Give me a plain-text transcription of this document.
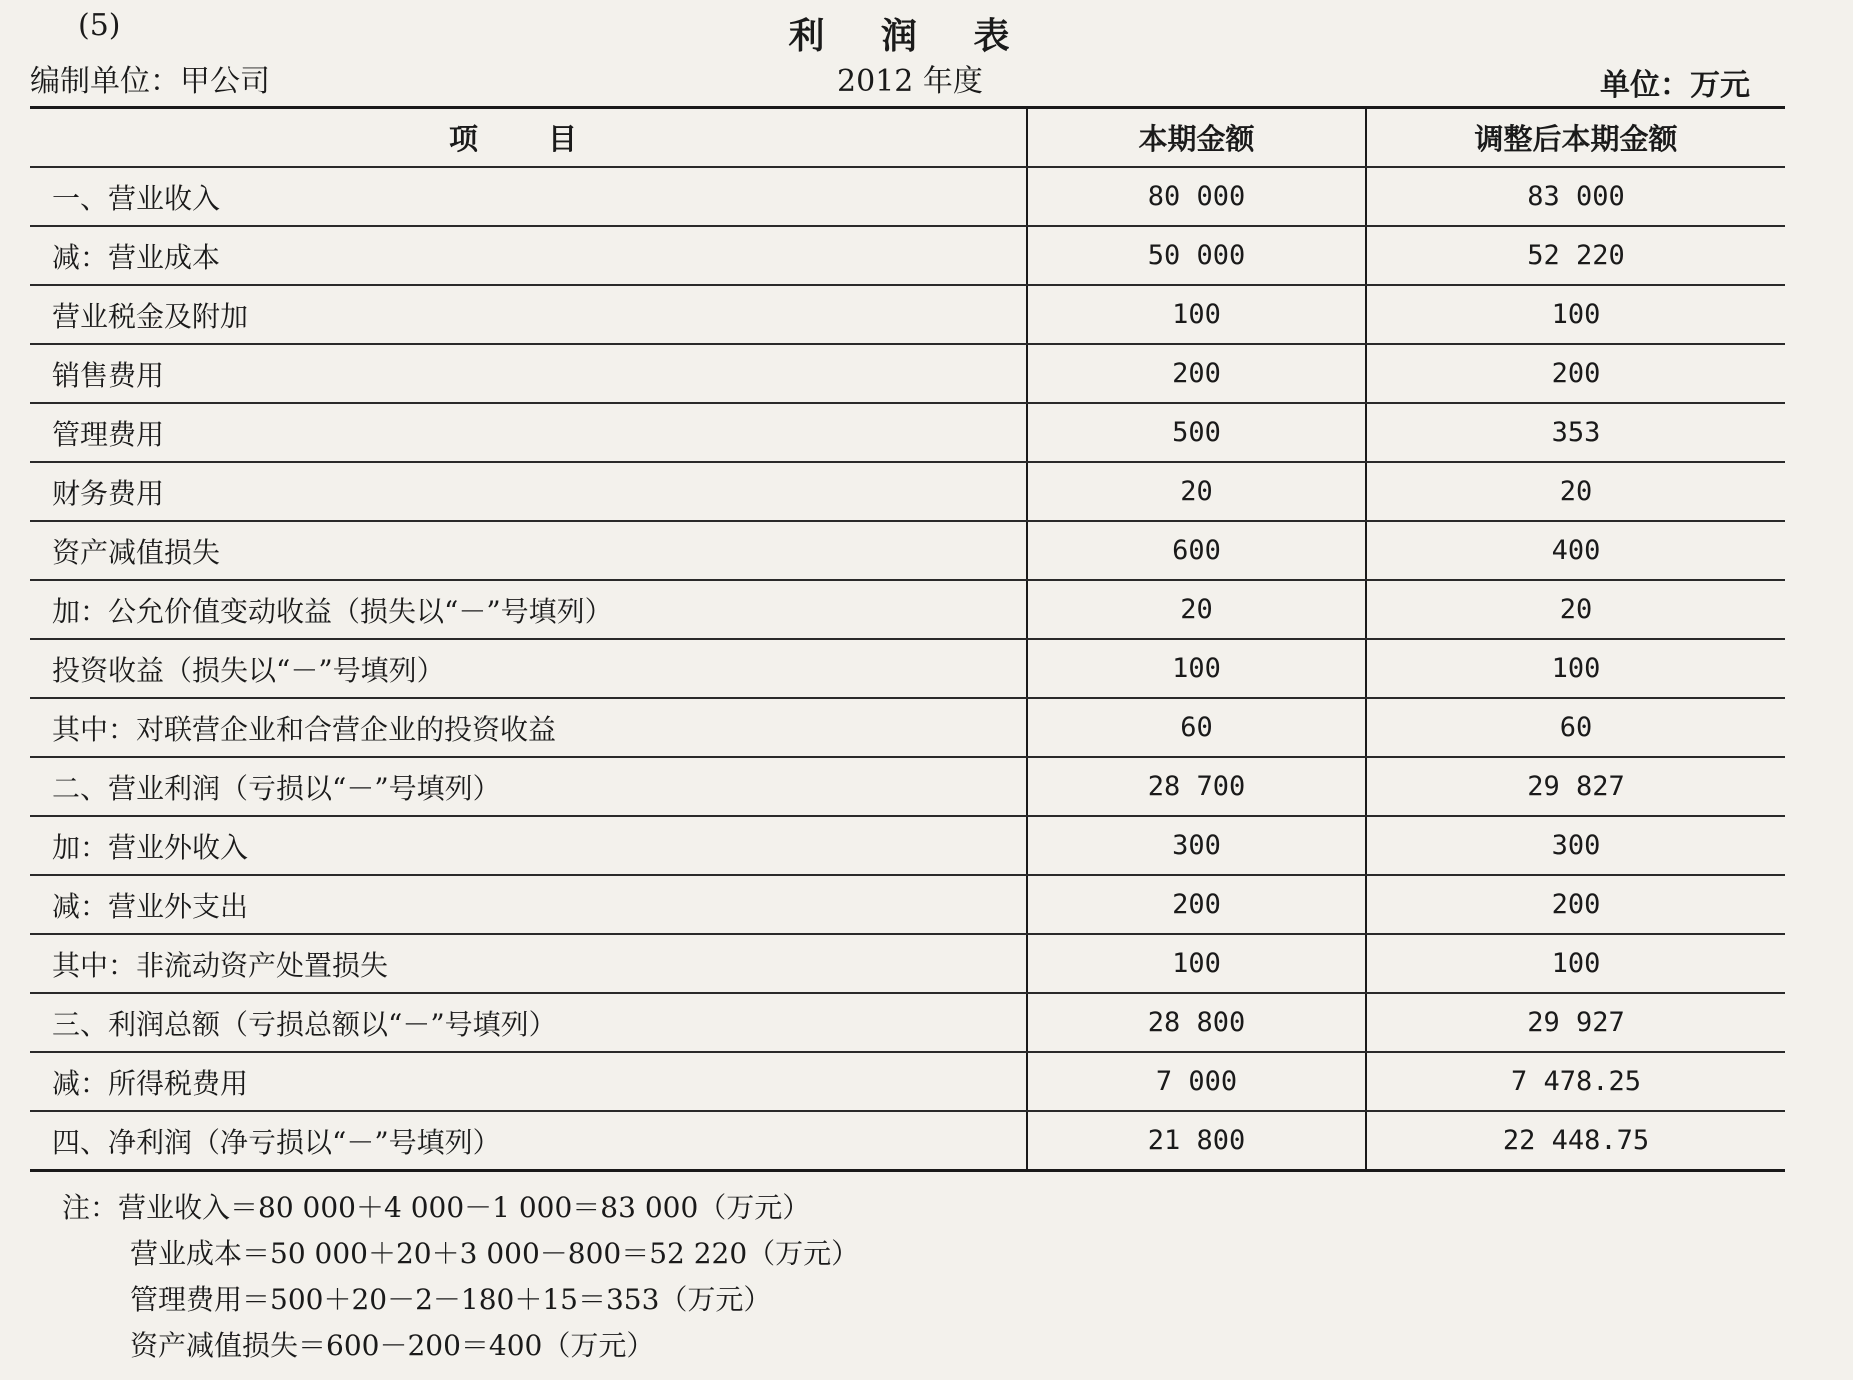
(5)	利 润 表
编制单位：甲公司	2012 年度	单位：万元
项 目	本期金额	调整后本期金额
一、营业收入	80 000	83 000
减：营业成本	50 000	52 220
营业税金及附加	100	100
销售费用	200	200
管理费用	500	353
财务费用	20	20
资产减值损失	600	400
加：公允价值变动收益（损失以“－”号填列）	20	20
投资收益（损失以“－”号填列）	100	100
其中：对联营企业和合营企业的投资收益	60	60
二、营业利润（亏损以“－”号填列）	28 700	29 827
加：营业外收入	300	300
减：营业外支出	200	200
其中：非流动资产处置损失	100	100
三、利润总额（亏损总额以“－”号填列）	28 800	29 927
减：所得税费用	7 000	7 478.25
四、净利润（净亏损以“－”号填列）	21 800	22 448.75
注：营业收入＝80 000＋4 000－1 000＝83 000（万元）
营业成本＝50 000＋20＋3 000－800＝52 220（万元）
管理费用＝500＋20－2－180＋15＝353（万元）
资产减值损失＝600－200＝400（万元）
